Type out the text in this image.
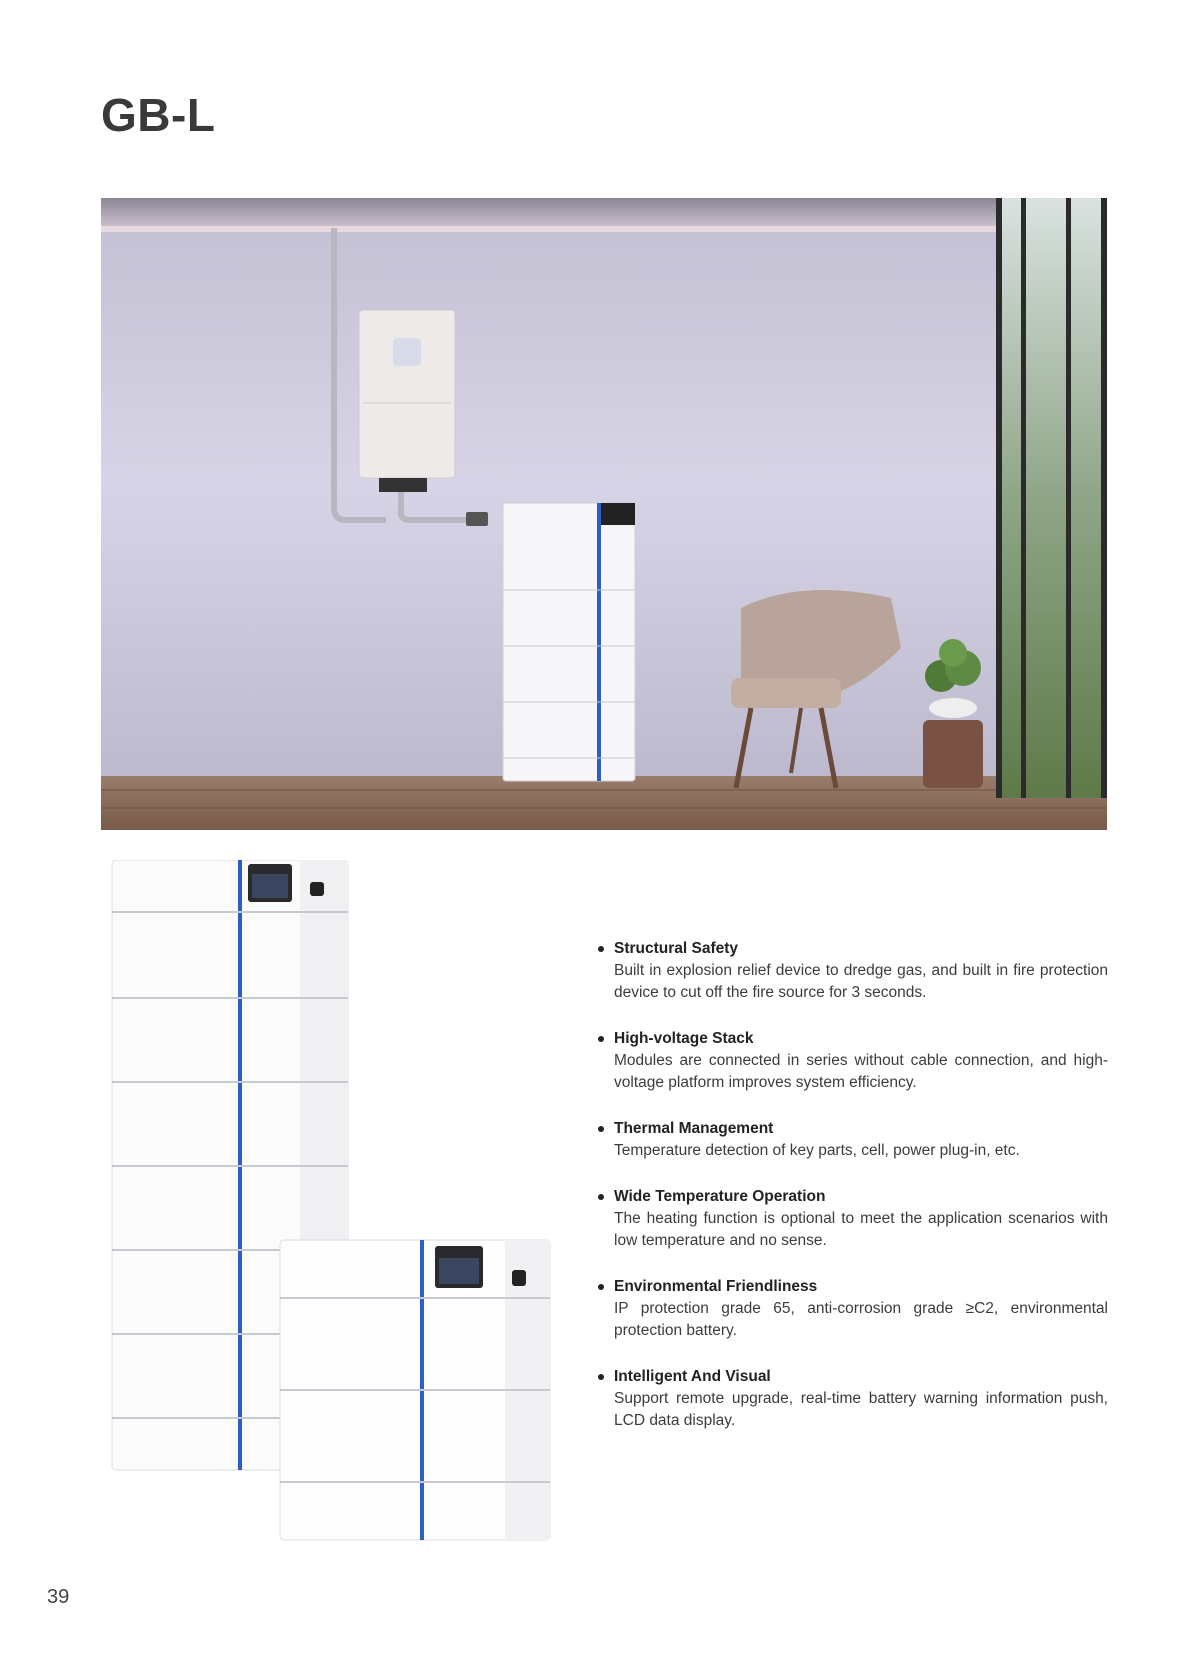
GB-L
Structural Safety
Built in explosion relief device to dredge gas, and built in fire protection device to cut off the fire source for 3 seconds.
High-voltage Stack
Modules are connected in series without cable connection, and high-voltage platform improves system efficiency.
Thermal Management
Temperature detection of key parts, cell, power plug-in, etc.
Wide Temperature Operation
The heating function is optional to meet the application scenarios with low temperature and no sense.
Environmental Friendliness
IP protection grade 65, anti-corrosion grade ≥C2, environmental protection battery.
Intelligent And Visual
Support remote upgrade, real-time battery warning information push, LCD data display.
39
